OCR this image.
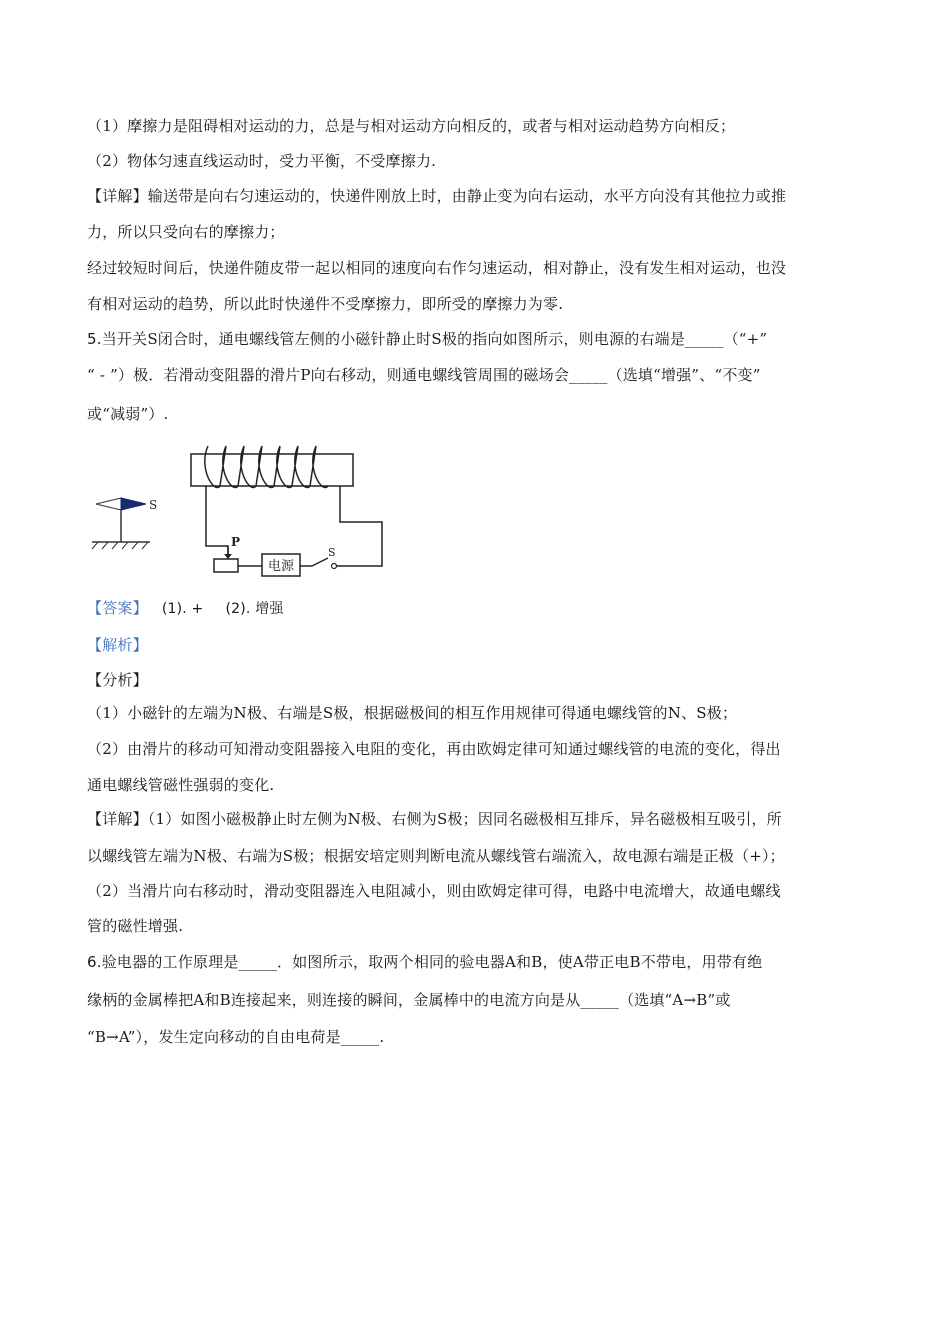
（1）摩擦力是阻碍相对运动的力，总是与相对运动方向相反的，或者与相对运动趋势方向相反；
（2）物体匀速直线运动时，受力平衡，不受摩擦力.
【详解】输送带是向右匀速运动的，快递件刚放上时，由静止变为向右运动，水平方向没有其他拉力或推
力，所以只受向右的摩擦力；
经过较短时间后，快递件随皮带一起以相同的速度向右作匀速运动，相对静止，没有发生相对运动，也没
有相对运动的趋势，所以此时快递件不受摩擦力，即所受的摩擦力为零.
5.当开关S闭合时，通电螺线管左侧的小磁针静止时S极的指向如图所示，则电源的右端是_____（“+”
“ - ”）极．若滑动变阻器的滑片P向右移动，则通电螺线管周围的磁场会_____（选填“增强”、“不变”
或“减弱”）.
S
P
电源
S
【答案】 (1). + (2). 增强
【解析】
【分析】
（1）小磁针的左端为N极、右端是S极，根据磁极间的相互作用规律可得通电螺线管的N、S极；
（2）由滑片的移动可知滑动变阻器接入电阻的变化，再由欧姆定律可知通过螺线管的电流的变化，得出
通电螺线管磁性强弱的变化.
【详解】（1）如图小磁极静止时左侧为N极、右侧为S极；因同名磁极相互排斥，异名磁极相互吸引，所
以螺线管左端为N极、右端为S极；根据安培定则判断电流从螺线管右端流入，故电源右端是正极（+）；
（2）当滑片向右移动时，滑动变阻器连入电阻减小，则由欧姆定律可得，电路中电流增大，故通电螺线
管的磁性增强.
6.验电器的工作原理是_____．如图所示，取两个相同的验电器A和B，使A带正电B不带电，用带有绝
缘柄的金属棒把A和B连接起来，则连接的瞬间，金属棒中的电流方向是从_____（选填“A→B”或
“B→A”），发生定向移动的自由电荷是_____.
